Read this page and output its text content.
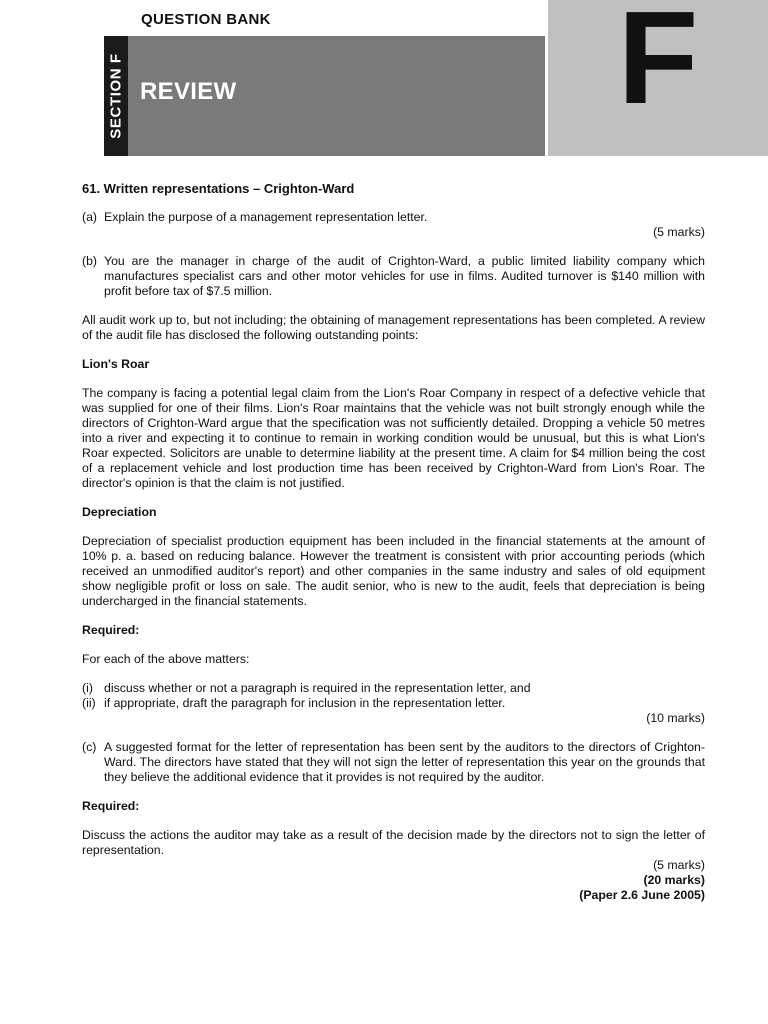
QUESTION BANK	F
SECTION F REVIEW
61. Written representations – Crighton-Ward
(a) Explain the purpose of a management representation letter.
(5 marks)
(b) You are the manager in charge of the audit of Crighton-Ward, a public limited liability company which manufactures specialist cars and other motor vehicles for use in films. Audited turnover is $140 million with profit before tax of $7.5 million.

All audit work up to, but not including; the obtaining of management representations has been completed. A review of the audit file has disclosed the following outstanding points:

Lion's Roar

The company is facing a potential legal claim from the Lion's Roar Company in respect of a defective vehicle that was supplied for one of their films. Lion's Roar maintains that the vehicle was not built strongly enough while the directors of Crighton-Ward argue that the specification was not sufficiently detailed. Dropping a vehicle 50 metres into a river and expecting it to continue to remain in working condition would be unusual, but this is what Lion's Roar expected. Solicitors are unable to determine liability at the present time. A claim for $4 million being the cost of a replacement vehicle and lost production time has been received by Crighton-Ward from Lion's Roar. The director's opinion is that the claim is not justified.

Depreciation

Depreciation of specialist production equipment has been included in the financial statements at the amount of 10% p. a. based on reducing balance. However the treatment is consistent with prior accounting periods (which received an unmodified auditor's report) and other companies in the same industry and sales of old equipment show negligible profit or loss on sale. The audit senior, who is new to the audit, feels that depreciation is being undercharged in the financial statements.

Required:

For each of the above matters:

(i) discuss whether or not a paragraph is required in the representation letter, and
(ii) if appropriate, draft the paragraph for inclusion in the representation letter.
(10 marks)
(c) A suggested format for the letter of representation has been sent by the auditors to the directors of Crighton-Ward. The directors have stated that they will not sign the letter of representation this year on the grounds that they believe the additional evidence that it provides is not required by the auditor.
Required:

Discuss the actions the auditor may take as a result of the decision made by the directors not to sign the letter of representation.

(5 marks)
(20 marks)
(Paper 2.6 June 2005)
